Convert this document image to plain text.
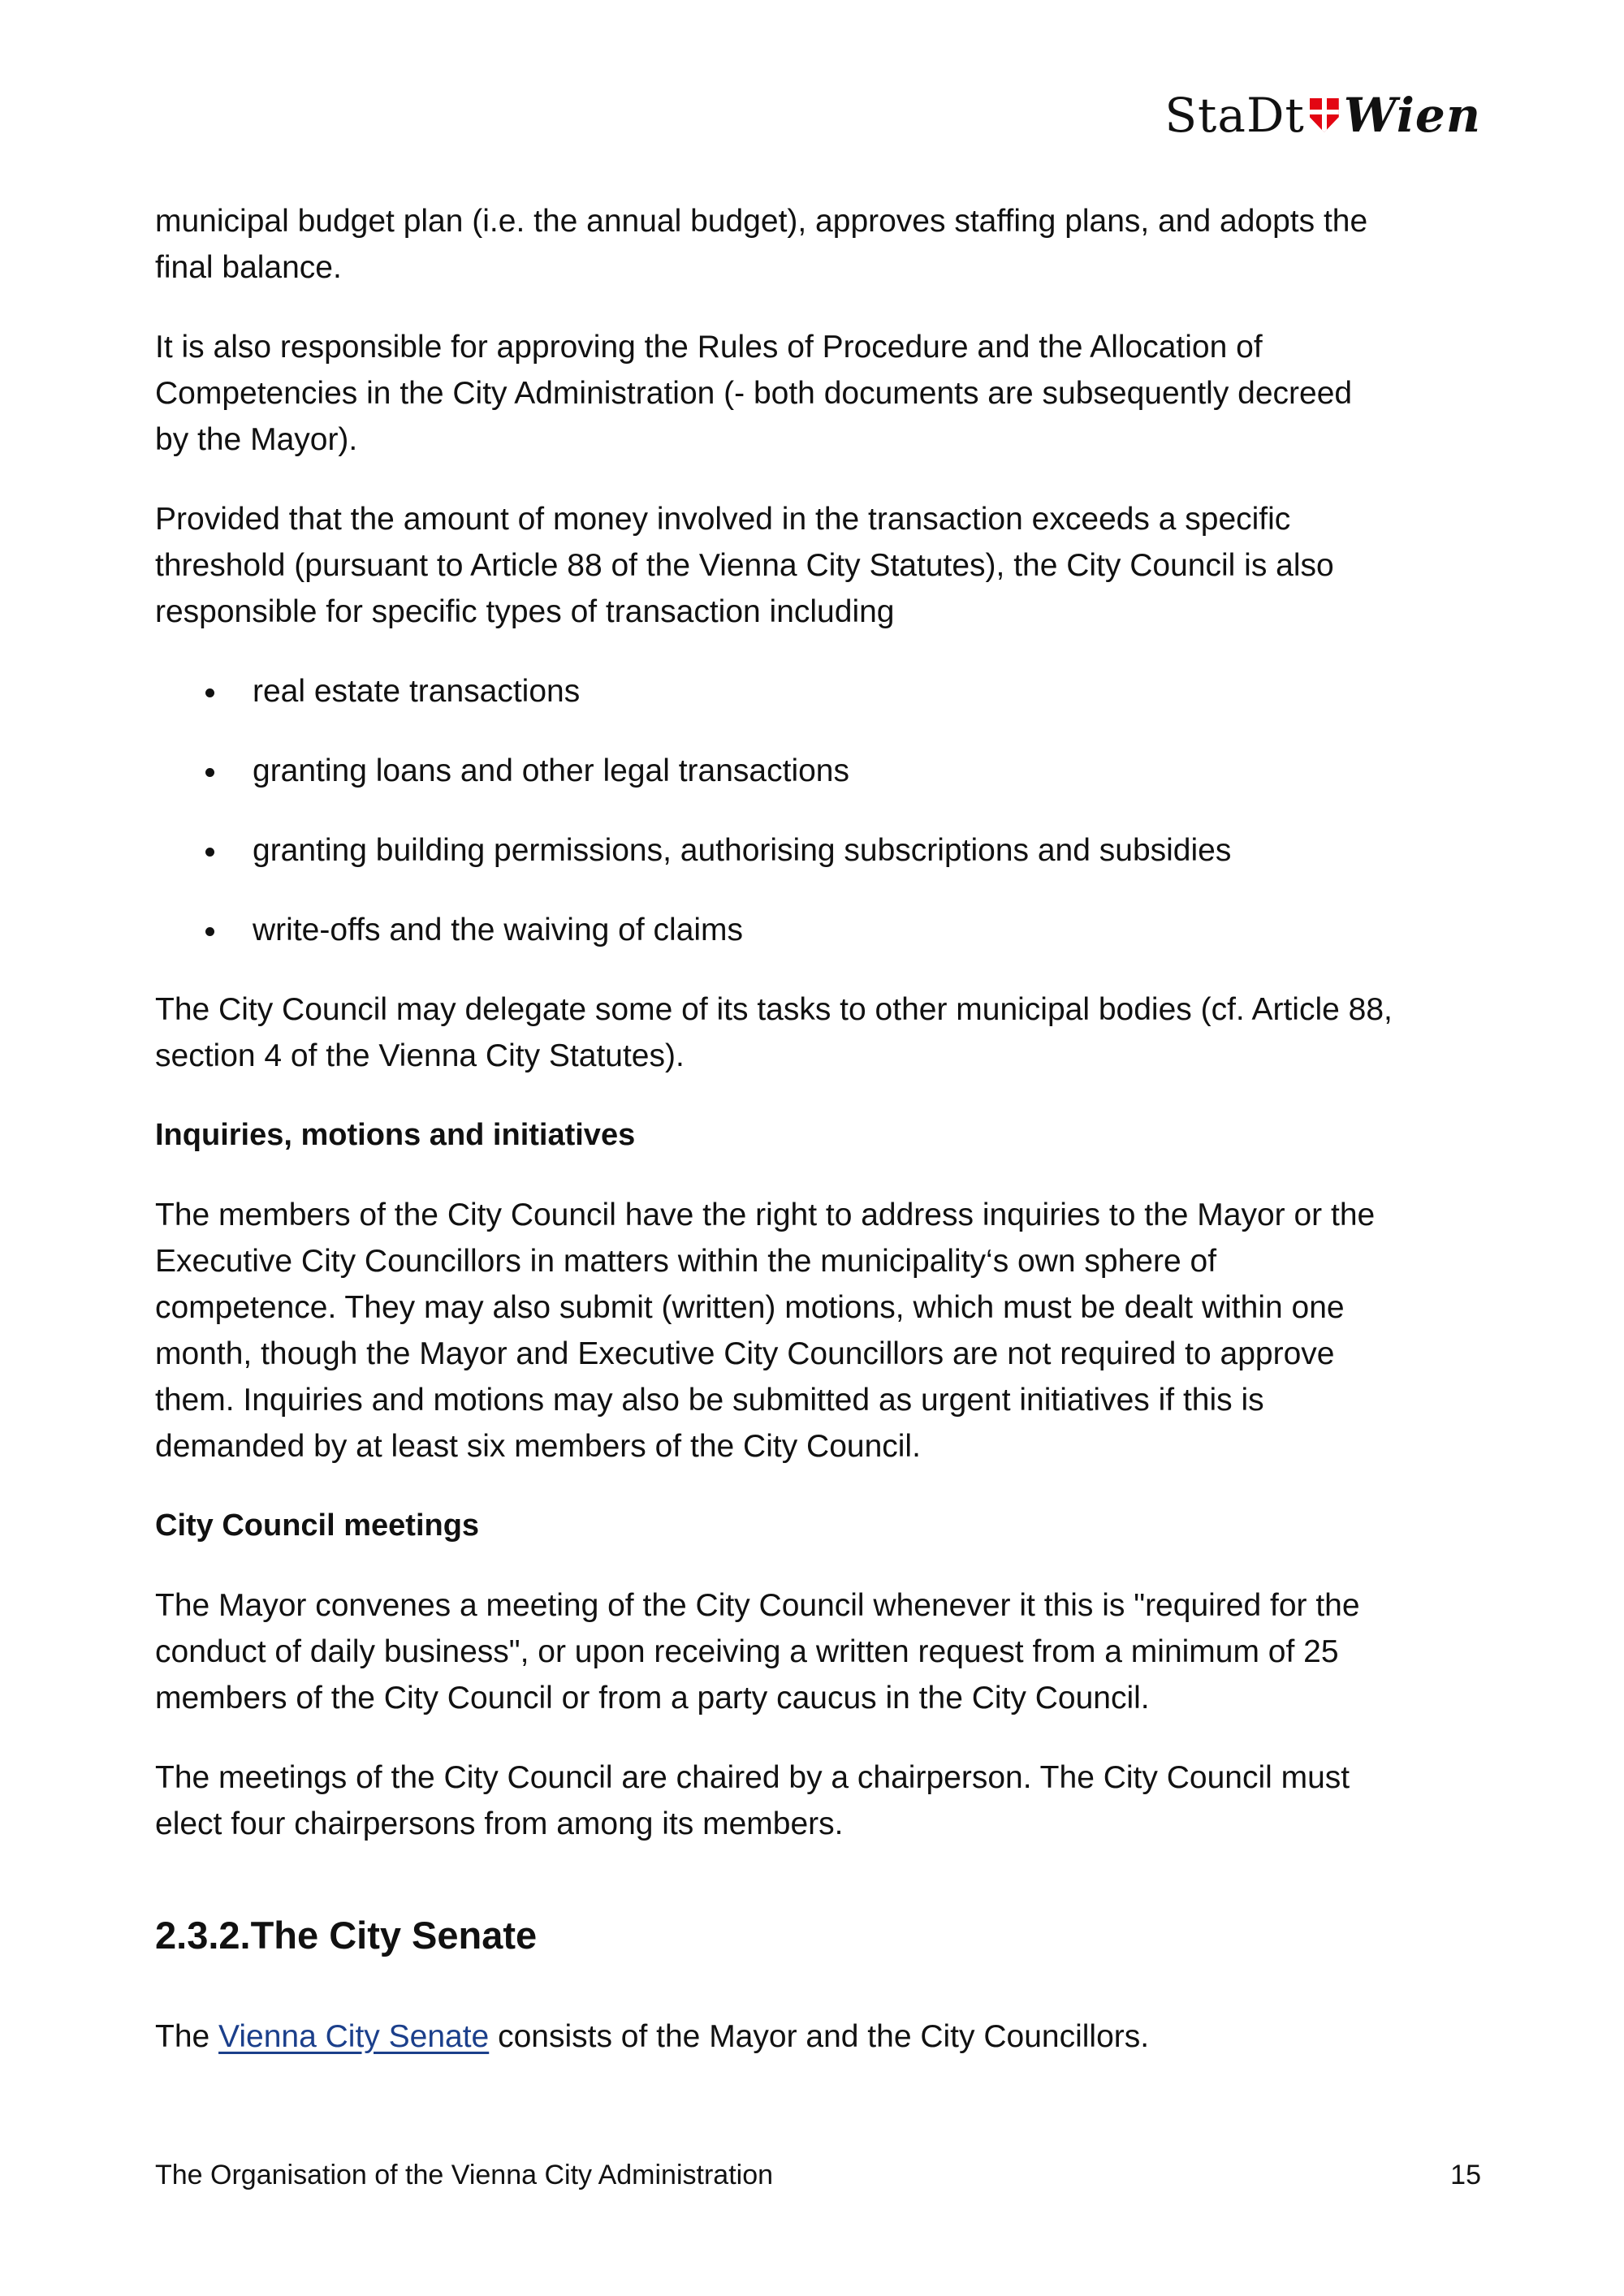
StaDt Wien
municipal budget plan (i.e. the annual budget), approves staffing plans, and adopts the
final balance.
It is also responsible for approving the Rules of Procedure and the Allocation of
Competencies in the City Administration (- both documents are subsequently decreed
by the Mayor).
Provided that the amount of money involved in the transaction exceeds a specific
threshold (pursuant to Article 88 of the Vienna City Statutes), the City Council is also
responsible for specific types of transaction including
real estate transactions
granting loans and other legal transactions
granting building permissions, authorising subscriptions and subsidies
write-offs and the waiving of claims
The City Council may delegate some of its tasks to other municipal bodies (cf. Article 88,
section 4 of the Vienna City Statutes).
Inquiries, motions and initiatives
The members of the City Council have the right to address inquiries to the Mayor or the
Executive City Councillors in matters within the municipality‘s own sphere of
competence. They may also submit (written) motions, which must be dealt within one
month, though the Mayor and Executive City Councillors are not required to approve
them. Inquiries and motions may also be submitted as urgent initiatives if this is
demanded by at least six members of the City Council.
City Council meetings
The Mayor convenes a meeting of the City Council whenever it this is "required for the
conduct of daily business", or upon receiving a written request from a minimum of 25
members of the City Council or from a party caucus in the City Council.
The meetings of the City Council are chaired by a chairperson. The City Council must
elect four chairpersons from among its members.
2.3.2.The City Senate
The Vienna City Senate consists of the Mayor and the City Councillors.
The Organisation of the Vienna City Administration	15
